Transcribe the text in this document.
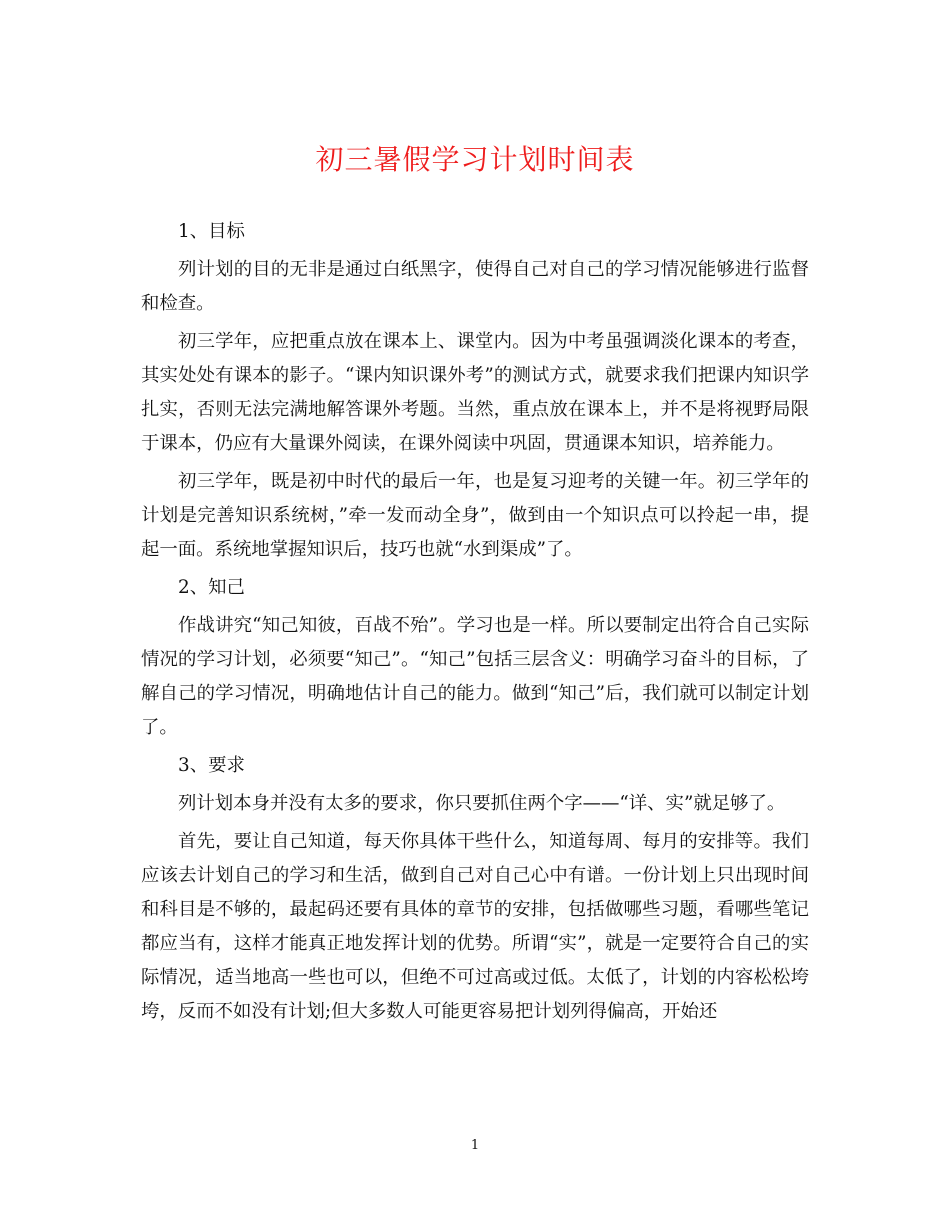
初三暑假学习计划时间表

1、目标

列计划的目的无非是通过白纸黑字，使得自己对自己的学习情况能够进行监督和检查。

初三学年，应把重点放在课本上、课堂内。因为中考虽强调淡化课本的考查，其实处处有课本的影子。“课内知识课外考”的测试方式，就要求我们把课内知识学扎实，否则无法完满地解答课外考题。当然，重点放在课本上，并不是将视野局限于课本，仍应有大量课外阅读，在课外阅读中巩固，贯通课本知识，培养能力。

初三学年，既是初中时代的最后一年，也是复习迎考的关键一年。初三学年的计划是完善知识系统树，”牵一发而动全身”，做到由一个知识点可以拎起一串，提起一面。系统地掌握知识后，技巧也就“水到渠成”了。

2、知己

作战讲究“知己知彼，百战不殆”。学习也是一样。所以要制定出符合自己实际情况的学习计划，必须要“知己”。“知己”包括三层含义：明确学习奋斗的目标，了解自己的学习情况，明确地估计自己的能力。做到“知己”后，我们就可以制定计划了。

3、要求

列计划本身并没有太多的要求，你只要抓住两个字——“详、实”就足够了。

首先，要让自己知道，每天你具体干些什么，知道每周、每月的安排等。我们应该去计划自己的学习和生活，做到自己对自己心中有谱。一份计划上只出现时间和科目是不够的，最起码还要有具体的章节的安排，包括做哪些习题，看哪些笔记都应当有，这样才能真正地发挥计划的优势。所谓“实”，就是一定要符合自己的实际情况，适当地高一些也可以，但绝不可过高或过低。太低了，计划的内容松松垮垮，反而不如没有计划;但大多数人可能更容易把计划列得偏高，开始还

1
